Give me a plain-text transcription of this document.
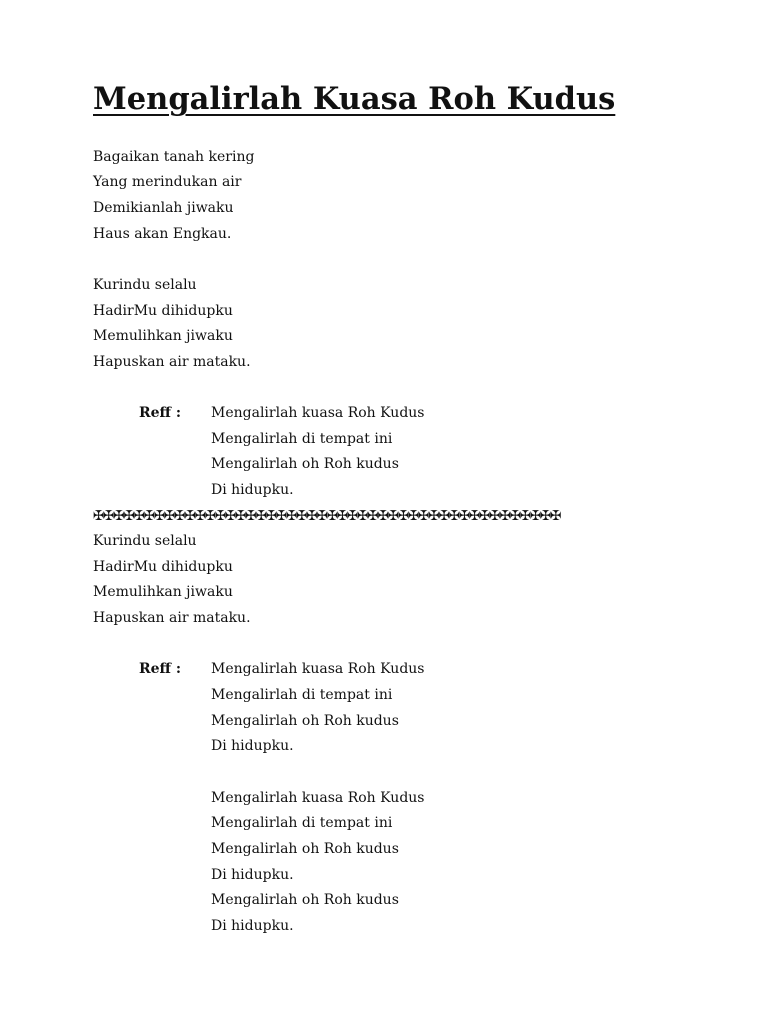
Mengalirlah Kuasa Roh Kudus

Bagaikan tanah kering

Yang merindukan air

Demikianlah jiwaku

Haus akan Engkau.

Kurindu selalu

HadirMu dihidupku

Memulihkan jiwaku

Hapuskan air mataku.

Reff : Mengalirlah kuasa Roh Kudus

Mengalirlah di tempat ini

Mengalirlah oh Roh kudus

Di hidupku.

✠✠✠✠✠✠✠✠✠✠✠✠✠✠✠✠✠✠✠✠✠✠✠✠✠✠✠✠✠✠✠✠✠✠✠✠✠✠✠✠✠✠✠✠✠✠

Kurindu selalu

HadirMu dihidupku

Memulihkan jiwaku

Hapuskan air mataku.

Reff : Mengalirlah kuasa Roh Kudus

Mengalirlah di tempat ini

Mengalirlah oh Roh kudus

Di hidupku.

Mengalirlah kuasa Roh Kudus

Mengalirlah di tempat ini

Mengalirlah oh Roh kudus

Di hidupku.

Mengalirlah oh Roh kudus

Di hidupku.
